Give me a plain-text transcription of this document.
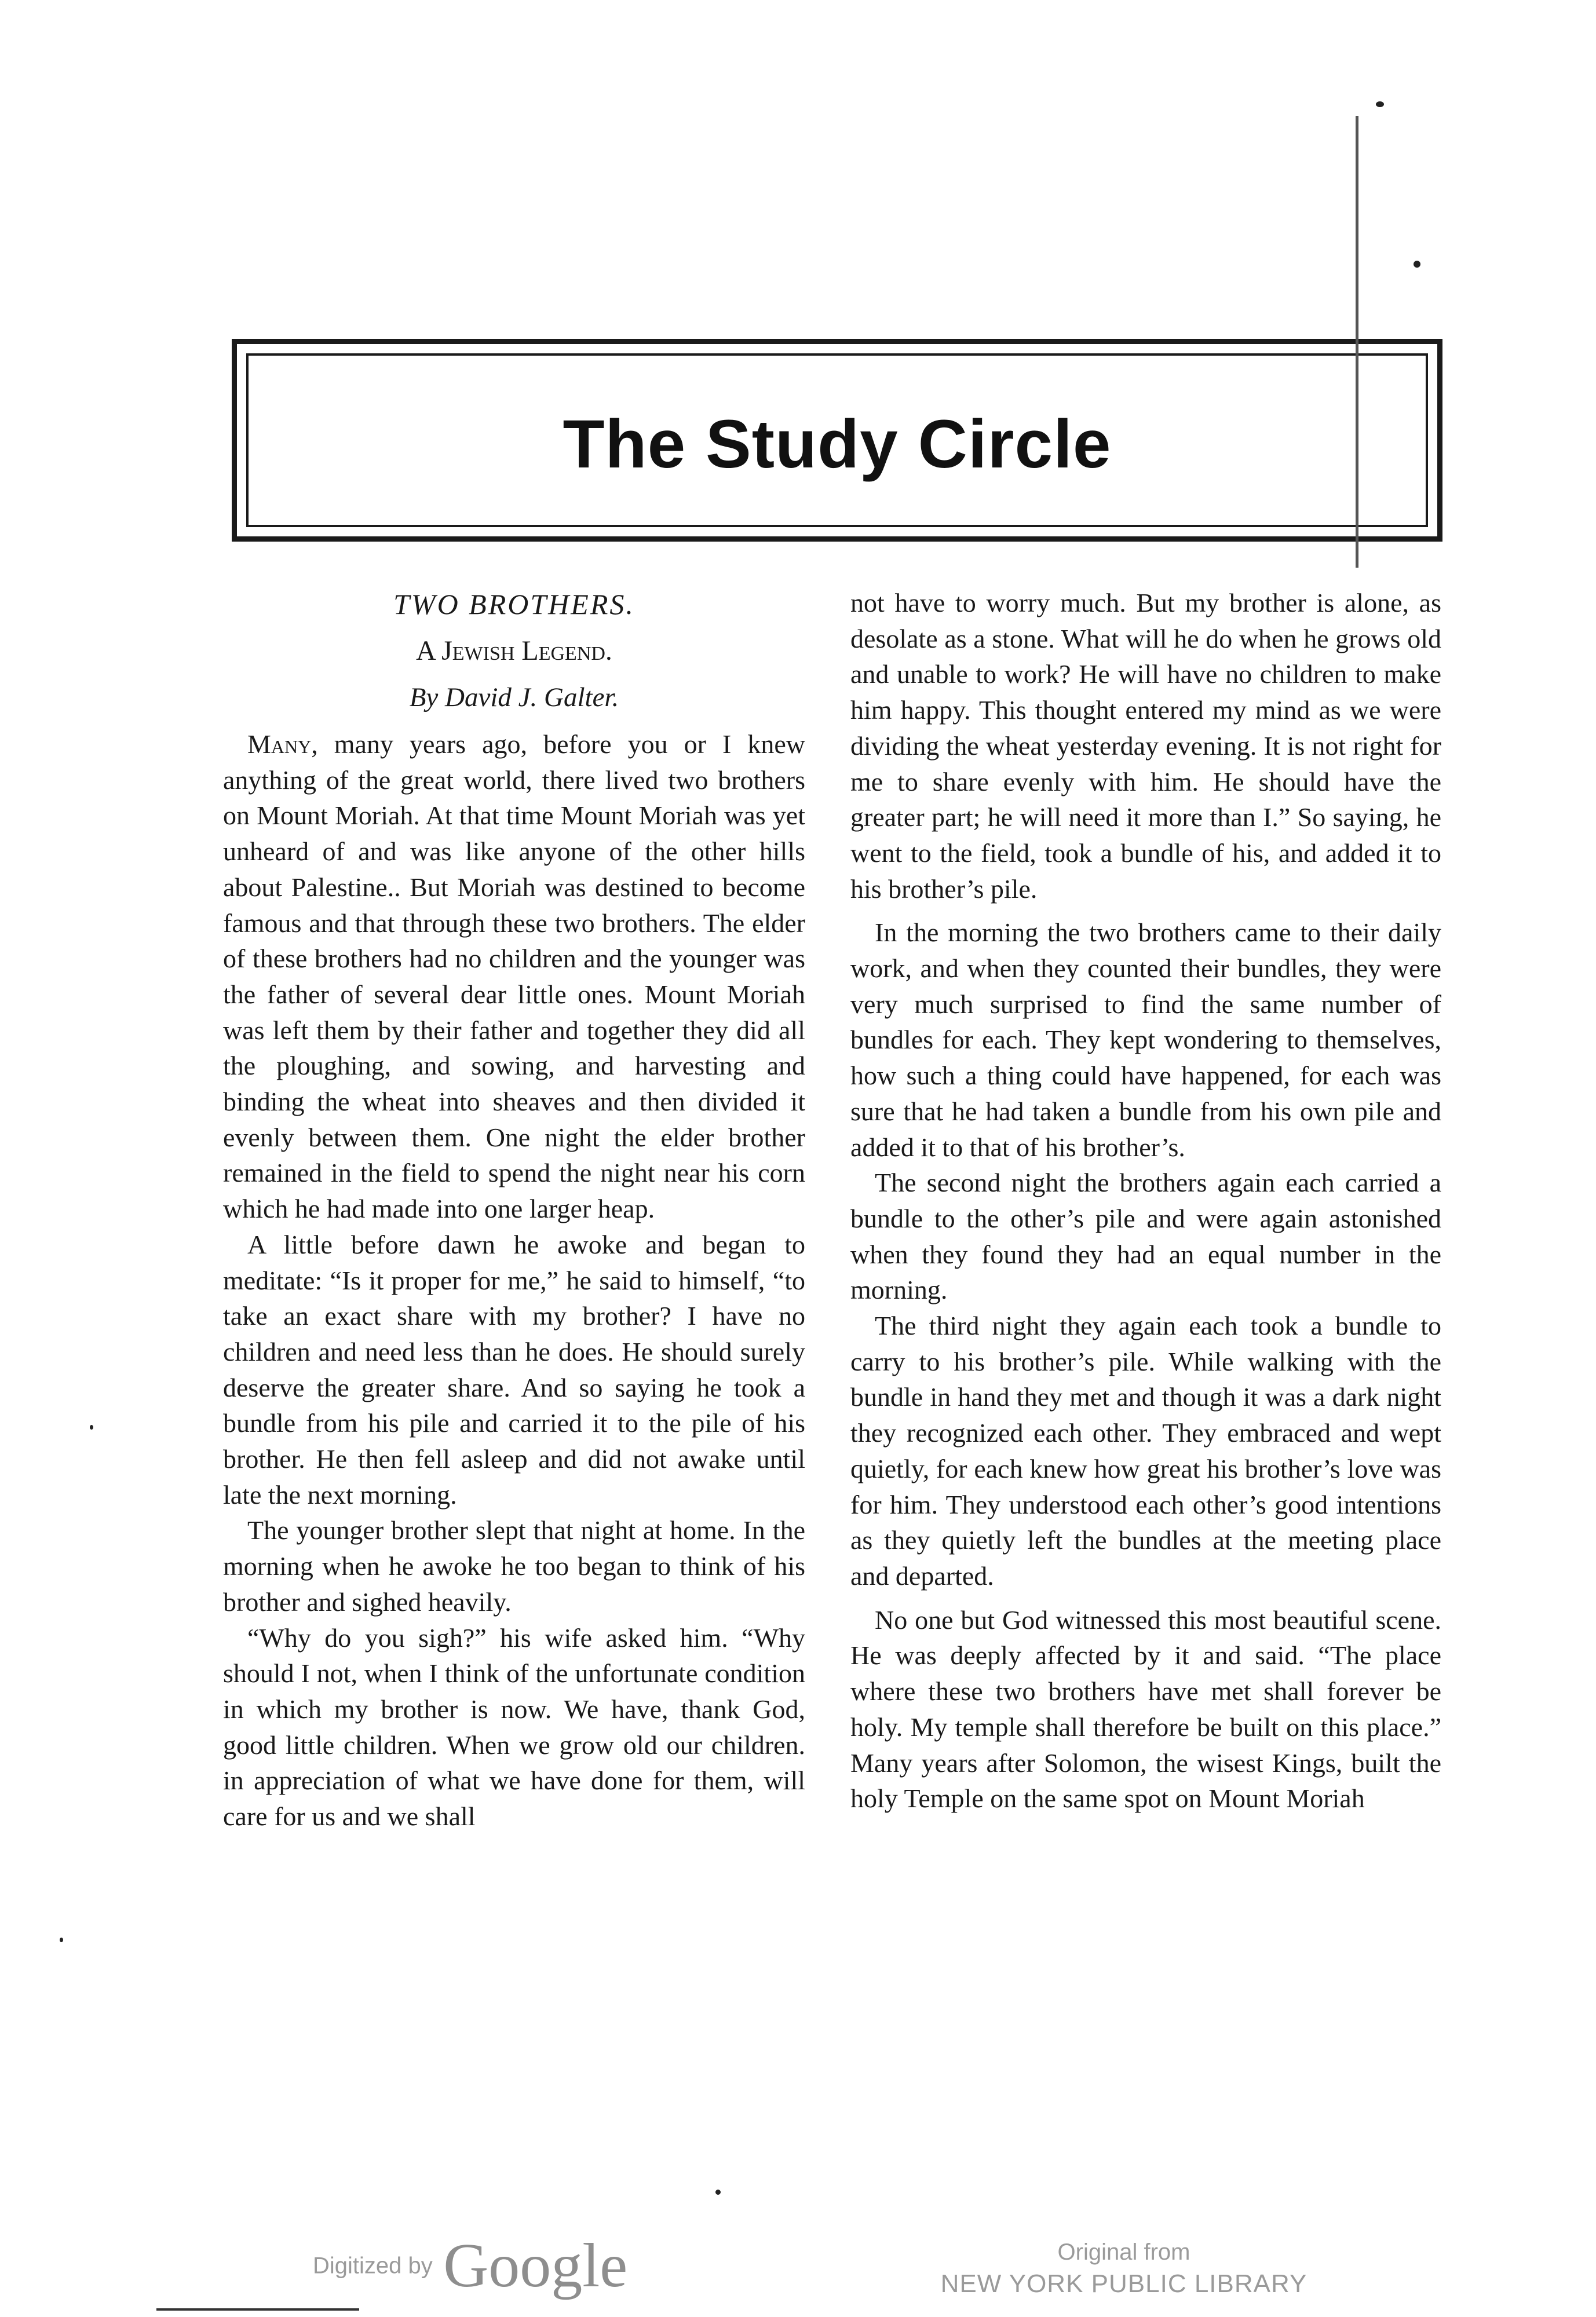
The Study Circle
TWO BROTHERS.
A Jewish Legend.
By David J. Galter.

Many, many years ago, before you or I knew anything of the great world, there lived two brothers on Mount Moriah. At that time Mount Moriah was yet unheard of and was like anyone of the other hills about Palestine.. But Moriah was destined to become famous and that through these two brothers. The elder of these brothers had no children and the younger was the father of several dear little ones. Mount Moriah was left them by their father and together they did all the ploughing, and sowing, and harvesting and binding the wheat into sheaves and then divided it evenly between them. One night the elder brother remained in the field to spend the night near his corn which he had made into one larger heap.

A little before dawn he awoke and began to meditate: “Is it proper for me,” he said to himself, “to take an exact share with my brother? I have no children and need less than he does. He should surely deserve the greater share. And so saying he took a bundle from his pile and carried it to the pile of his brother. He then fell asleep and did not awake until late the next morning.

The younger brother slept that night at home. In the morning when he awoke he too began to think of his brother and sighed heavily.

“Why do you sigh?” his wife asked him. “Why should I not, when I think of the unfortunate condition in which my brother is now. We have, thank God, good little children. When we grow old our children. in appreciation of what we have done for them, will care for us and we shall

not have to worry much. But my brother is alone, as desolate as a stone. What will he do when he grows old and unable to work? He will have no children to make him happy. This thought entered my mind as we were dividing the wheat yesterday evening. It is not right for me to share evenly with him. He should have the greater part; he will need it more than I.” So saying, he went to the field, took a bundle of his, and added it to his brother’s pile.

In the morning the two brothers came to their daily work, and when they counted their bundles, they were very much surprised to find the same number of bundles for each. They kept wondering to themselves, how such a thing could have happened, for each was sure that he had taken a bundle from his own pile and added it to that of his brother’s.

The second night the brothers again each carried a bundle to the other’s pile and were again astonished when they found they had an equal number in the morning.

The third night they again each took a bundle to carry to his brother’s pile. While walking with the bundle in hand they met and though it was a dark night they recognized each other. They embraced and wept quietly, for each knew how great his brother’s love was for him. They understood each other’s good intentions as they quietly left the bundles at the meeting place and departed.

No one but God witnessed this most beautiful scene. He was deeply affected by it and said. “The place where these two brothers have met shall forever be holy. My temple shall therefore be built on this place.” Many years after Solomon, the wisest Kings, built the holy Temple on the same spot on Mount Moriah

Digitized by Google	Original from
NEW YORK PUBLIC LIBRARY
